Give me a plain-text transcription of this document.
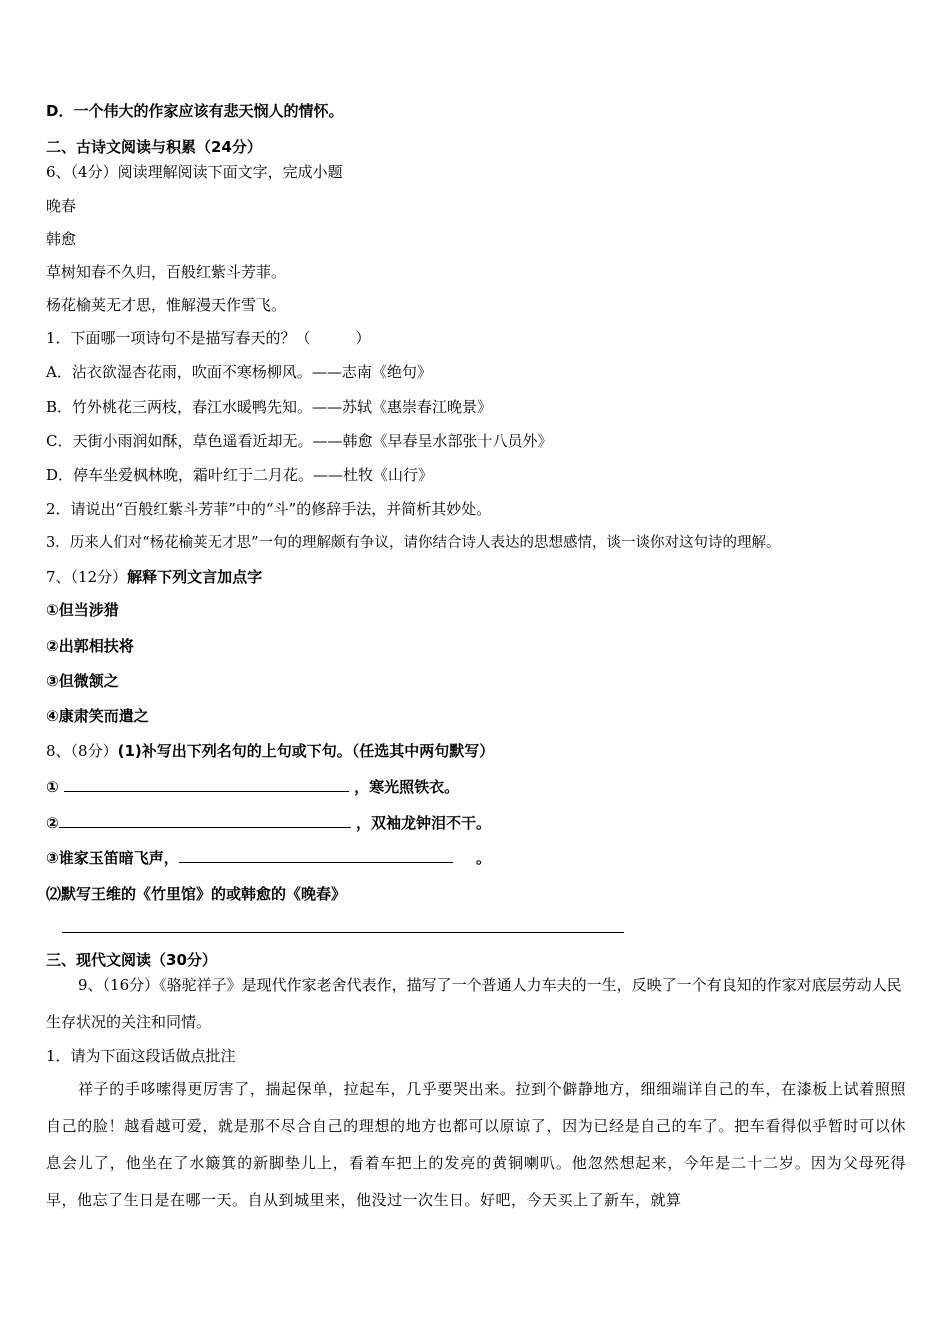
D．一个伟大的作家应该有悲天悯人的情怀。
二、古诗文阅读与积累（24分）
6、（4分）阅读理解阅读下面文字，完成小题
晚春
韩愈
草树知春不久归，百般红紫斗芳菲。
杨花榆荚无才思，惟解漫天作雪飞。
1．下面哪一项诗句不是描写春天的？（　　　）
A．沾衣欲湿杏花雨，吹面不寒杨柳风。——志南《绝句》
B．竹外桃花三两枝，春江水暖鸭先知。——苏轼《惠崇春江晚景》
C．天街小雨润如酥，草色遥看近却无。——韩愈《早春呈水部张十八员外》
D．停车坐爱枫林晚，霜叶红于二月花。——杜牧《山行》
2．请说出“百般红紫斗芳菲”中的“斗”的修辞手法，并简析其妙处。
3．历来人们对“杨花榆荚无才思”一句的理解颇有争议，请你结合诗人表达的思想感情，谈一谈你对这句诗的理解。
7、（12分）解释下列文言加点字
①但当涉猎
②出郭相扶将
③但微颔之
④康肃笑而遣之
8、（8分）(1)补写出下列名句的上句或下句。（任选其中两句默写）
①	，寒光照铁衣。
②	，双袖龙钟泪不干。
③谁家玉笛暗飞声，	。
⑵默写王维的《竹里馆》的或韩愈的《晚春》
三、现代文阅读（30分）
9、（16分）《骆驼祥子》是现代作家老舍代表作，描写了一个普通人力车夫的一生，反映了一个有良知的作家对底层劳动人民生存状况的关注和同情。
1．请为下面这段话做点批注
祥子的手哆嗦得更厉害了，揣起保单，拉起车，几乎要哭出来。拉到个僻静地方，细细端详自己的车，在漆板上试着照照自己的脸！越看越可爱，就是那不尽合自己的理想的地方也都可以原谅了，因为已经是自己的车了。把车看得似乎暂时可以休息会儿了，他坐在了水簸箕的新脚垫儿上，看着车把上的发亮的黄铜喇叭。他忽然想起来，今年是二十二岁。因为父母死得早，他忘了生日是在哪一天。自从到城里来，他没过一次生日。好吧，今天买上了新车，就算
